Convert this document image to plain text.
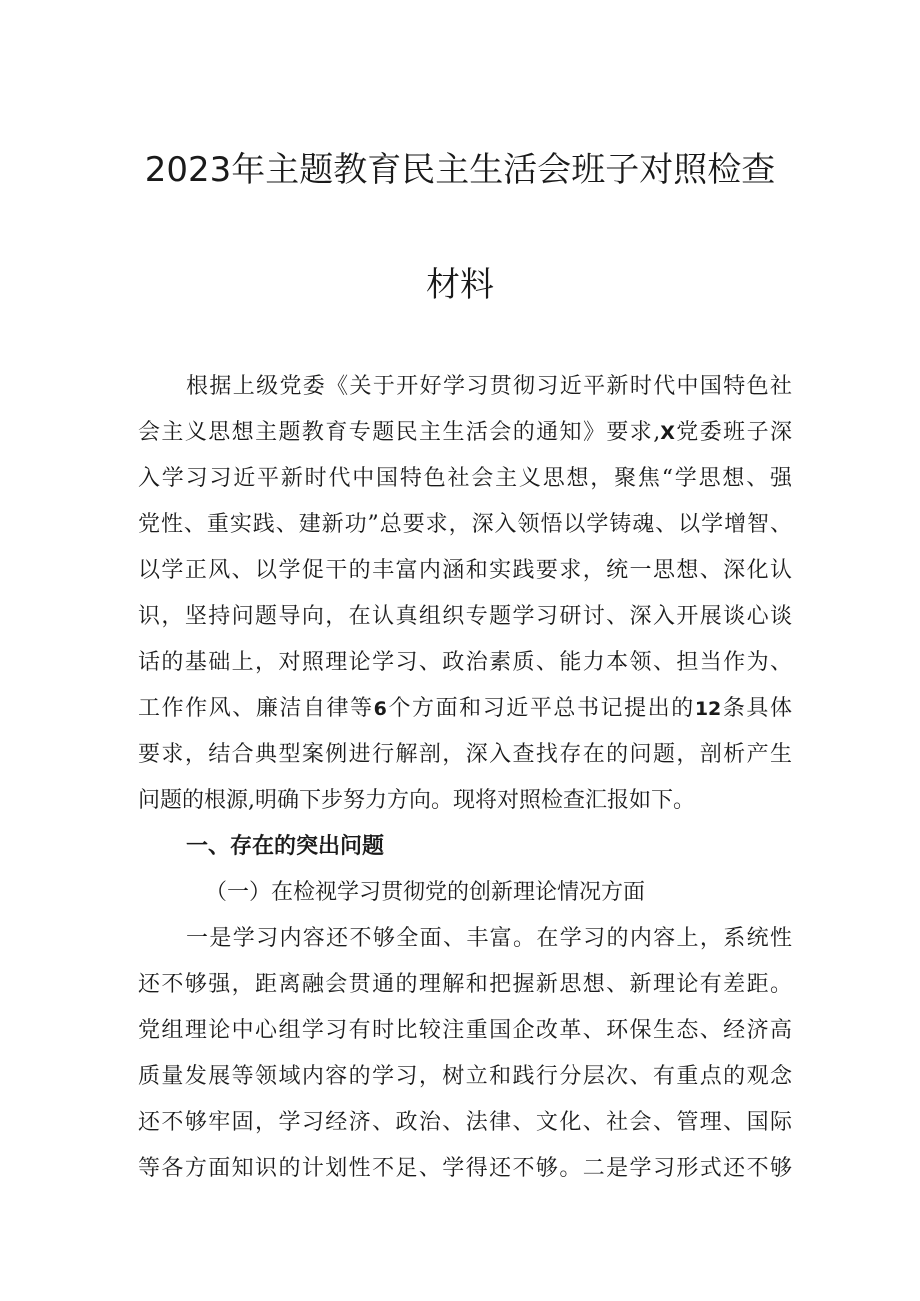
2023年主题教育民主生活会班子对照检查
材料

根据上级党委《关于开好学习贯彻习近平新时代中国特色社

会主义思想主题教育专题民主生活会的通知》要求,X党委班子深

入学习习近平新时代中国特色社会主义思想，聚焦“学思想、强

党性、重实践、建新功”总要求，深入领悟以学铸魂、以学增智、

以学正风、以学促干的丰富内涵和实践要求，统一思想、深化认

识，坚持问题导向，在认真组织专题学习研讨、深入开展谈心谈

话的基础上，对照理论学习、政治素质、能力本领、担当作为、

工作作风、廉洁自律等6个方面和习近平总书记提出的12条具体

要求，结合典型案例进行解剖，深入查找存在的问题，剖析产生

问题的根源,明确下步努力方向。现将对照检查汇报如下。

一、存在的突出问题

（一）在检视学习贯彻党的创新理论情况方面

一是学习内容还不够全面、丰富。在学习的内容上，系统性

还不够强，距离融会贯通的理解和把握新思想、新理论有差距。

党组理论中心组学习有时比较注重国企改革、环保生态、经济高

质量发展等领域内容的学习，树立和践行分层次、有重点的观念

还不够牢固，学习经济、政治、法律、文化、社会、管理、国际

等各方面知识的计划性不足、学得还不够。二是学习形式还不够
